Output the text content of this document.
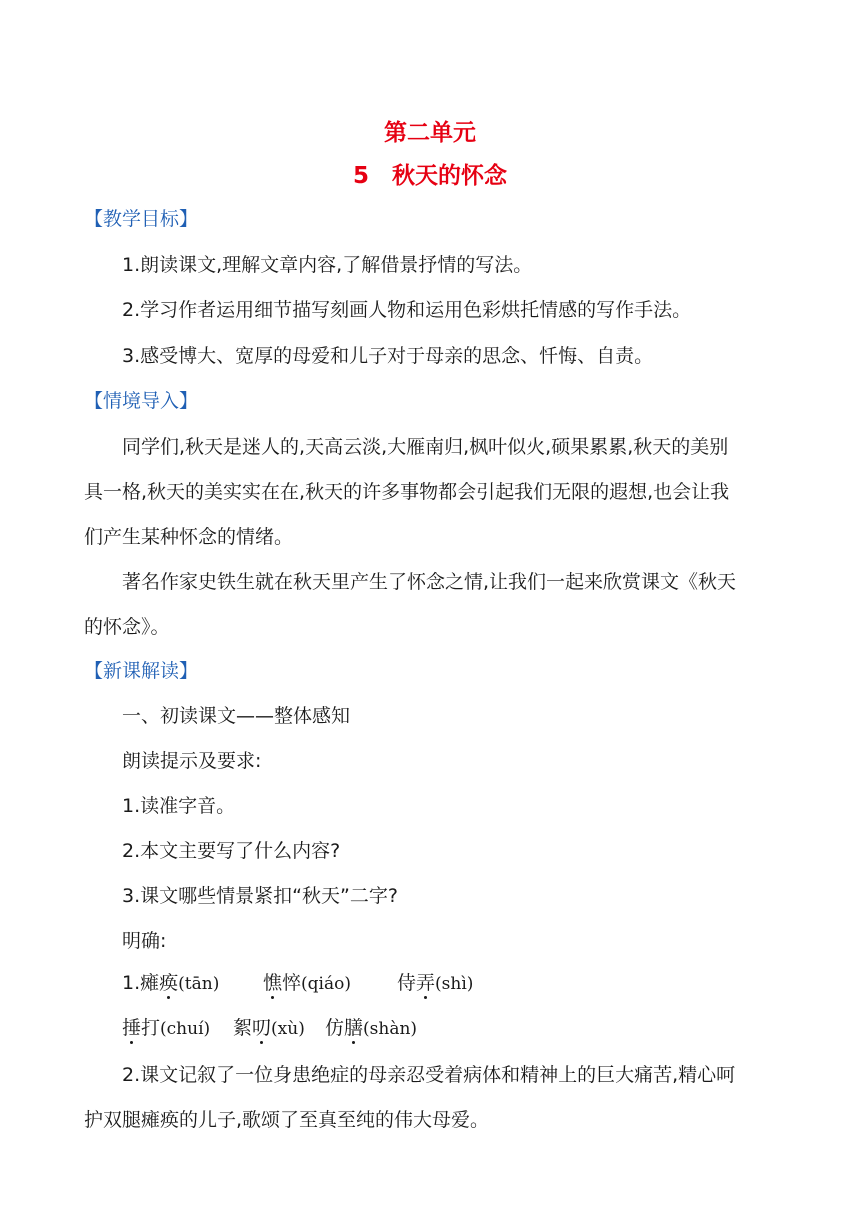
第二单元
5　秋天的怀念
【教学目标】
1.朗读课文,理解文章内容,了解借景抒情的写法。
2.学习作者运用细节描写刻画人物和运用色彩烘托情感的写作手法。
3.感受博大、宽厚的母爱和儿子对于母亲的思念、忏悔、自责。
【情境导入】
同学们,秋天是迷人的,天高云淡,大雁南归,枫叶似火,硕果累累,秋天的美别
具一格,秋天的美实实在在,秋天的许多事物都会引起我们无限的遐想,也会让我
们产生某种怀念的情绪。
著名作家史铁生就在秋天里产生了怀念之情,让我们一起来欣赏课文《秋天
的怀念》。
【新课解读】
一、初读课文——整体感知
朗读提示及要求:
1.读准字音。
2.本文主要写了什么内容?
3.课文哪些情景紧扣“秋天”二字?
明确:
1.瘫痪(tān) 憔悴(qiáo) 侍弄(shì)
捶打(chuí) 絮叨(xù) 仿膳(shàn)
2.课文记叙了一位身患绝症的母亲忍受着病体和精神上的巨大痛苦,精心呵
护双腿瘫痪的儿子,歌颂了至真至纯的伟大母爱。
